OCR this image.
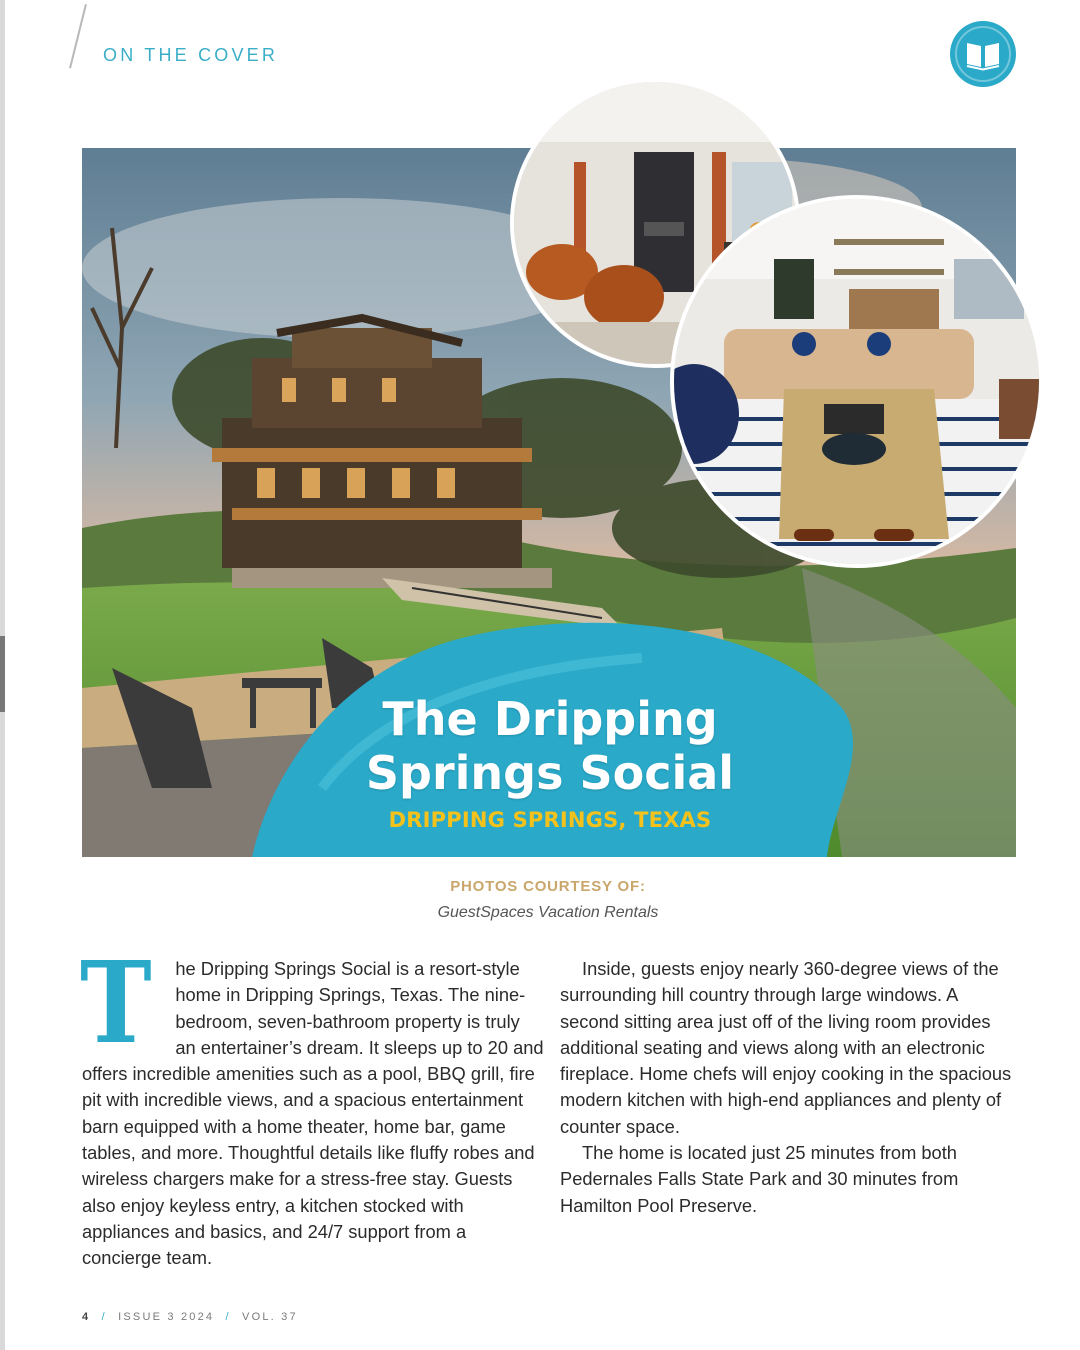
ON THE COVER
The Dripping
Springs Social
DRIPPING SPRINGS, TEXAS
PHOTOS COURTESY OF:
GuestSpaces Vacation Rentals
T	he Dripping Springs Social is a resort-style home in Dripping Springs, Texas. The nine-bedroom, seven-bathroom property is truly an entertainer’s dream. It sleeps up to 20 and offers incredible amenities such as a pool, BBQ grill, fire pit with incredible views, and a spacious entertainment barn equipped with a home theater, home bar, game tables, and more. Thoughtful details like fluffy robes and wireless chargers make for a stress-free stay. Guests also enjoy keyless entry, a kitchen stocked with appliances and basics, and 24/7 support from a concierge team.

Inside, guests enjoy nearly 360-degree views of the surrounding hill country through large windows. A second sitting area just off of the living room provides additional seating and views along with an electronic fireplace. Home chefs will enjoy cooking in the spacious modern kitchen with high-end appliances and plenty of counter space.

The home is located just 25 minutes from both Pedernales Falls State Park and 30 minutes from Hamilton Pool Preserve.

4 / ISSUE 3 2024 / VOL. 37
